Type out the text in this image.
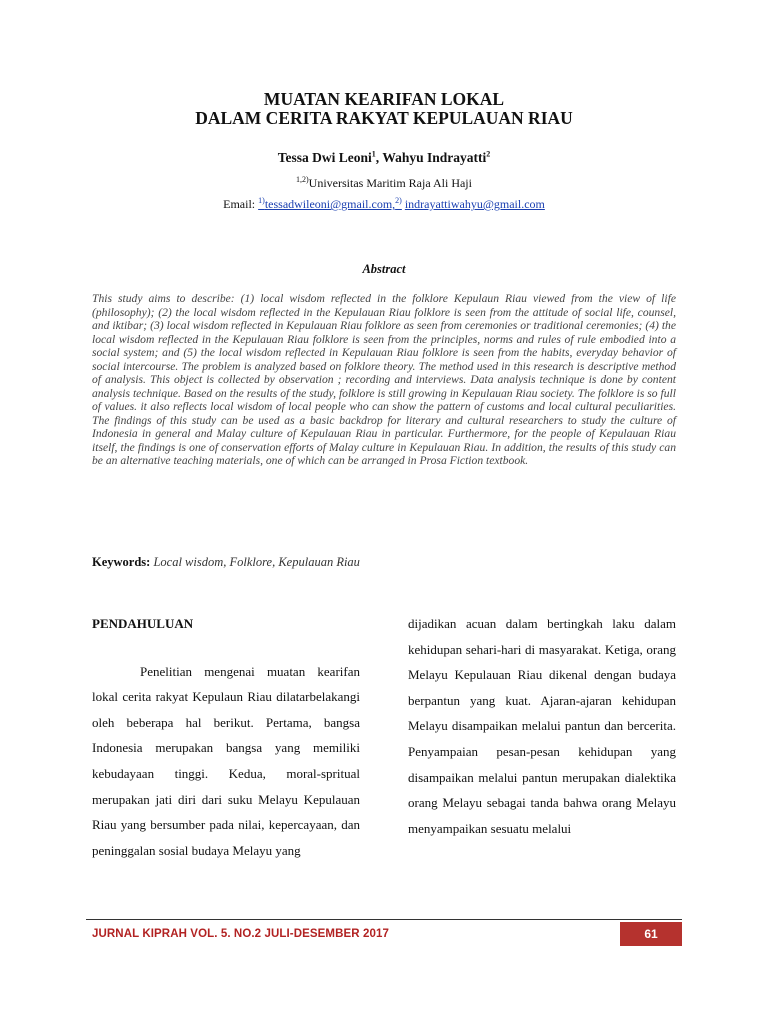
MUATAN KEARIFAN LOKAL
DALAM CERITA RAKYAT KEPULAUAN RIAU
Tessa Dwi Leoni$^1$, Wahyu Indrayatti$^2$
$^{1,2)}$Universitas Maritim Raja Ali Haji
Email: $^{1)}$tessadwileoni@gmail.com,$^{2)}$ indrayattiwahyu@gmail.com
Abstract
This study aims to describe: (1) local wisdom reflected in the folklore Kepulaun Riau viewed from the view of life (philosophy); (2) the local wisdom reflected in the Kepulauan Riau folklore is seen from the attitude of social life, counsel, and iktibar; (3) local wisdom reflected in Kepulauan Riau folklore as seen from ceremonies or traditional ceremonies; (4) the local wisdom reflected in the Kepulauan Riau folklore is seen from the principles, norms and rules of rule embodied into a social system; and (5) the local wisdom reflected in Kepulauan Riau folklore is seen from the habits, everyday behavior of social intercourse. The problem is analyzed based on folklore theory. The method used in this research is descriptive method of analysis. This object is collected by observation ; recording and interviews. Data analysis technique is done by content analysis technique. Based on the results of the study, folklore is still growing in Kepulauan Riau society. The folklore is so full of values. it also reflects local wisdom of local people who can show the pattern of customs and local cultural peculiarities. The findings of this study can be used as a basic backdrop for literary and cultural researchers to study the culture of Indonesia in general and Malay culture of Kepulauan Riau in particular. Furthermore, for the people of Kepulauan Riau itself, the findings is one of conservation efforts of Malay culture in Kepulauan Riau. In addition, the results of this study can be an alternative teaching materials, one of which can be arranged in Prosa Fiction textbook.
Keywords: Local wisdom, Folklore, Kepulauan Riau
PENDAHULUAN

Penelitian mengenai muatan kearifan lokal cerita rakyat Kepulaun Riau dilatarbelakangi oleh beberapa hal berikut. Pertama, bangsa Indonesia merupakan bangsa yang memiliki kebudayaan tinggi. Kedua, moral-spritual merupakan jati diri dari suku Melayu Kepulauan Riau yang bersumber pada nilai, kepercayaan, dan peninggalan sosial budaya Melayu yang

dijadikan acuan dalam bertingkah laku dalam kehidupan sehari-hari di masyarakat. Ketiga, orang Melayu Kepulauan Riau dikenal dengan budaya berpantun yang kuat. Ajaran-ajaran kehidupan Melayu disampaikan melalui pantun dan bercerita. Penyampaian pesan-pesan kehidupan yang disampaikan melalui pantun merupakan dialektika orang Melayu sebagai tanda bahwa orang Melayu menyampaikan sesuatu melalui

JURNAL KIPRAH VOL. 5. NO.2 JULI-DESEMBER 2017	61
